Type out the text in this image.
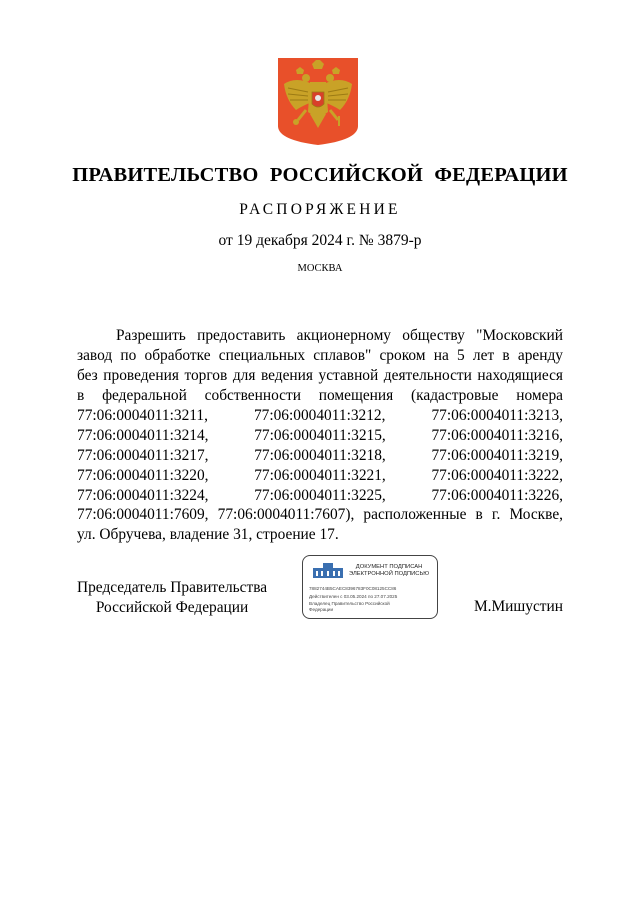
ПРАВИТЕЛЬСТВО РОССИЙСКОЙ ФЕДЕРАЦИИ
РАСПОРЯЖЕНИЕ
от 19 декабря 2024 г. № 3879-р
МОСКВА
Разрешить предоставить акционерному обществу "Московский
завод по обработке специальных сплавов" сроком на 5 лет в аренду
без проведения торгов для ведения уставной деятельности находящиеся
в федеральной собственности помещения (кадастровые номера
77:06:0004011:3211, 77:06:0004011:3212, 77:06:0004011:3213,
77:06:0004011:3214, 77:06:0004011:3215, 77:06:0004011:3216,
77:06:0004011:3217, 77:06:0004011:3218, 77:06:0004011:3219,
77:06:0004011:3220, 77:06:0004011:3221, 77:06:0004011:3222,
77:06:0004011:3224, 77:06:0004011:3225, 77:06:0004011:3226,
77:06:0004011:7609, 77:06:0004011:7607), расположенные в г. Москве,
ул. Обручева, владение 31, строение 17.
Председатель Правительства
Российской Федерации
ДОКУМЕНТ ПОДПИСАН
ЭЛЕКТРОННОЙ ПОДПИСЬЮ
7882744B5CAEC8396783F0C08125CC86
Действителен с 03.05.2024 по 27.07.2025
Владелец Правительство Российской
Федерации	М.Мишустин
